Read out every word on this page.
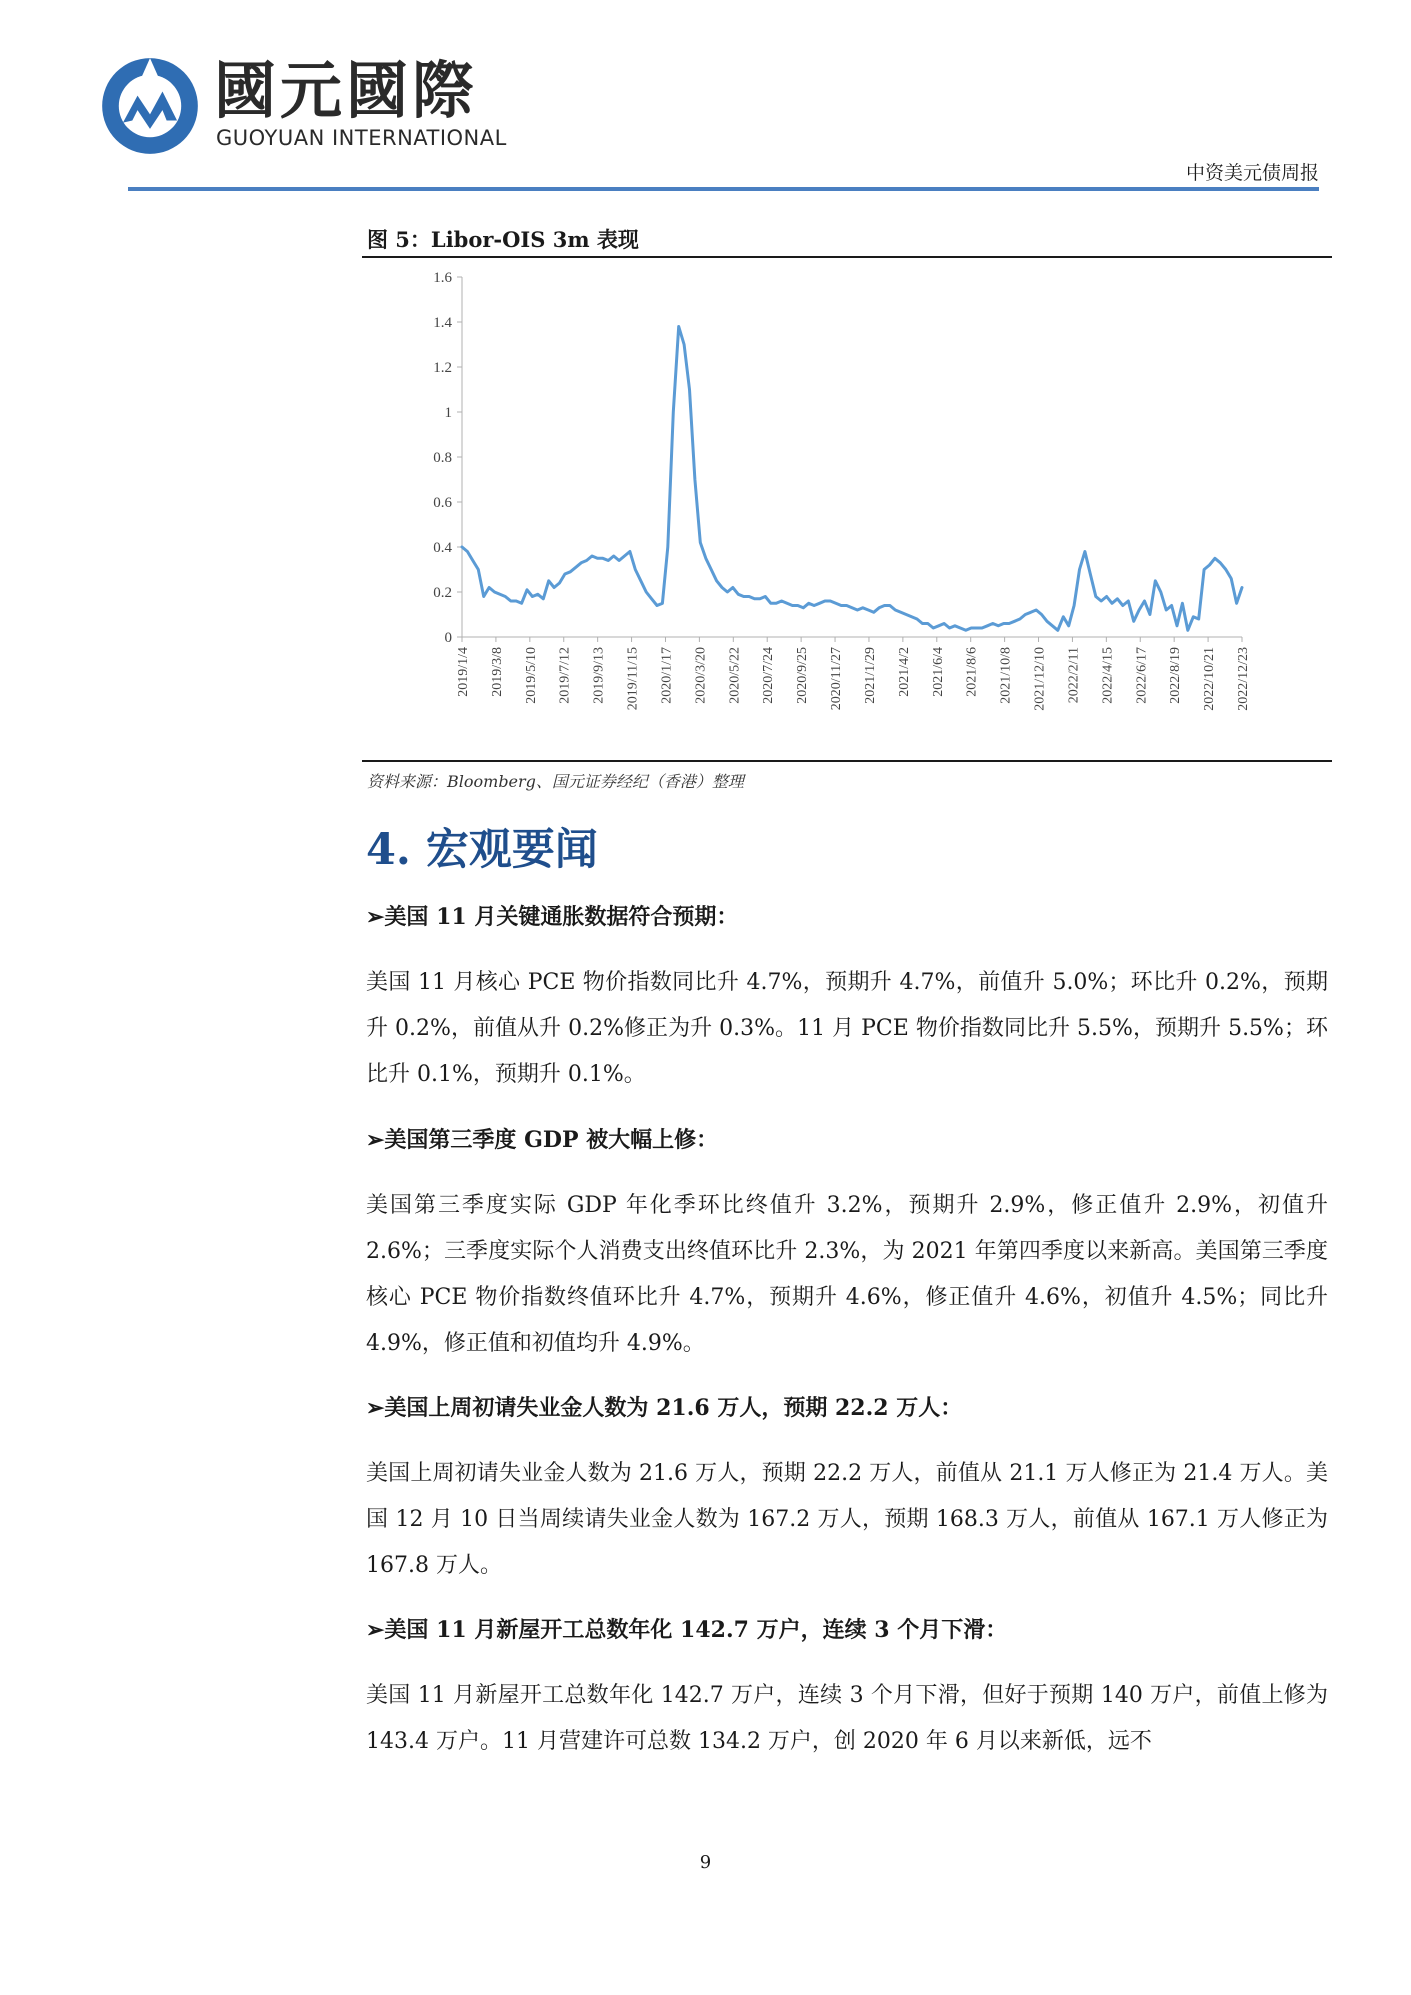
國元國際
GUOYUAN INTERNATIONAL
中资美元债周报
图 5：Libor-OIS 3m 表现
0
0.2
0.4
0.6
0.8
1
1.2
1.4
1.6
2019/1/4 2019/3/8 2019/5/10 2019/7/12 2019/9/13 2019/11/15 2020/1/17 2020/3/20 2020/5/22 2020/7/24 2020/9/25 2020/11/27 2021/1/29 2021/4/2 2021/6/4 2021/8/6 2021/10/8 2021/12/10 2022/2/11 2022/4/15 2022/6/17 2022/8/19 2022/10/21 2022/12/23
资料来源：Bloomberg、国元证券经纪（香港）整理
4. 宏观要闻
➢美国 11 月关键通胀数据符合预期：
美国 11 月核心 PCE 物价指数同比升 4.7%，预期升 4.7%，前值升 5.0%；环比升 0.2%，预期升 0.2%，前值从升 0.2%修正为升 0.3%。11 月 PCE 物价指数同比升 5.5%，预期升 5.5%；环比升 0.1%，预期升 0.1%。
➢美国第三季度 GDP 被大幅上修：
美国第三季度实际 GDP 年化季环比终值升 3.2%，预期升 2.9%，修正值升 2.9%，初值升 2.6%；三季度实际个人消费支出终值环比升 2.3%，为 2021 年第四季度以来新高。美国第三季度核心 PCE 物价指数终值环比升 4.7%，预期升 4.6%，修正值升 4.6%，初值升 4.5%；同比升 4.9%，修正值和初值均升 4.9%。
➢美国上周初请失业金人数为 21.6 万人，预期 22.2 万人：
美国上周初请失业金人数为 21.6 万人，预期 22.2 万人，前值从 21.1 万人修正为 21.4 万人。美国 12 月 10 日当周续请失业金人数为 167.2 万人，预期 168.3 万人，前值从 167.1 万人修正为 167.8 万人。
➢美国 11 月新屋开工总数年化 142.7 万户，连续 3 个月下滑：
美国 11 月新屋开工总数年化 142.7 万户，连续 3 个月下滑，但好于预期 140 万户，前值上修为 143.4 万户。11 月营建许可总数 134.2 万户，创 2020 年 6 月以来新低，远不
9
